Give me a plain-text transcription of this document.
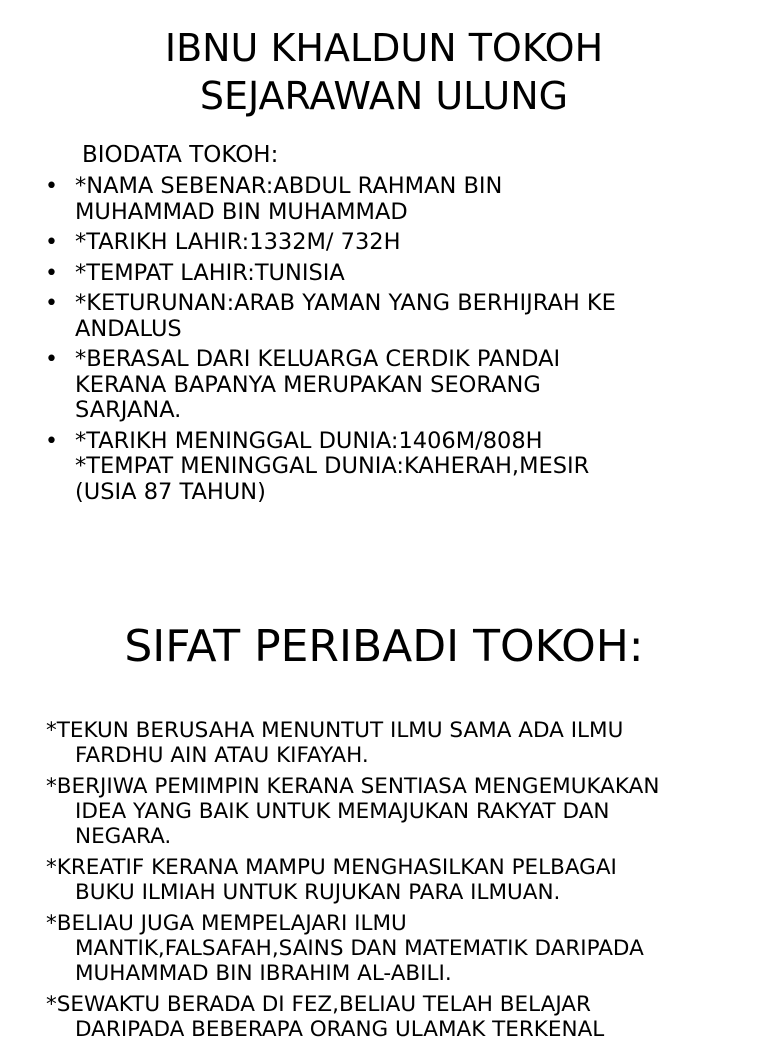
IBNU KHALDUN TOKOH
SEJARAWAN ULUNG

BIODATA TOKOH:

• *NAMA SEBENAR:ABDUL RAHMAN BIN
MUHAMMAD BIN MUHAMMAD
• *TARIKH LAHIR:1332M/ 732H
• *TEMPAT LAHIR:TUNISIA
• *KETURUNAN:ARAB YAMAN YANG BERHIJRAH KE
ANDALUS
• *BERASAL DARI KELUARGA CERDIK PANDAI
KERANA BAPANYA MERUPAKAN SEORANG
SARJANA.
• *TARIKH MENINGGAL DUNIA:1406M/808H
*TEMPAT MENINGGAL DUNIA:KAHERAH,MESIR
(USIA 87 TAHUN)
SIFAT PERIBADI TOKOH:
*TEKUN BERUSAHA MENUNTUT ILMU SAMA ADA ILMU
FARDHU AIN ATAU KIFAYAH.
*BERJIWA PEMIMPIN KERANA SENTIASA MENGEMUKAKAN
IDEA YANG BAIK UNTUK MEMAJUKAN RAKYAT DAN
NEGARA.
*KREATIF KERANA MAMPU MENGHASILKAN PELBAGAI
BUKU ILMIAH UNTUK RUJUKAN PARA ILMUAN.
*BELIAU JUGA MEMPELAJARI ILMU
MANTIK,FALSAFAH,SAINS DAN MATEMATIK DARIPADA
MUHAMMAD BIN IBRAHIM AL-ABILI.
*SEWAKTU BERADA DI FEZ,BELIAU TELAH BELAJAR
DARIPADA BEBERAPA ORANG ULAMAK TERKENAL
